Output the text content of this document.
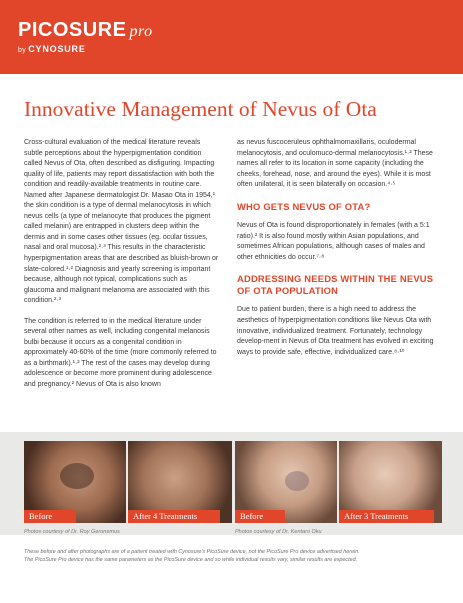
PICOSURE pro
by CYNOSURE
Innovative Management of Nevus of Ota

Cross-cultural evaluation of the medical literature reveals subtle perceptions about the hyperpigmentation condition called Nevus of Ota, often described as disfiguring. Impacting quality of life, patients may report dissatisfaction with both the condition and readily-available treatments in routine care. Named after Japanese dermatologist Dr. Masao Ota in 1954,¹ the skin condition is a type of dermal melanocytosis in which nevus cells (a type of melanocyte that produces the pigment called melanin) are entrapped in clusters deep within the dermis and in some cases other tissues (eg. ocular tissues, nasal and oral mucosa).²·³ This results in the characteristic hyperpigmentation areas that are described as bluish-brown or slate-colored.¹·² Diagnosis and yearly screening is important because, although not typical, complications such as glaucoma and malignant melanoma are associated with this condition.²·³

The condition is referred to in the medical literature under several other names as well, including congenital melanosis bulbi because it occurs as a congenital condition in approximately 40-60% of the time (more commonly referred to as a birthmark).¹·² The rest of the cases may develop during adolescence or become more prominent during adolescence and pregnancy.² Nevus of Ota is also known

as nevus fuscoceruleus ophthalmomaxillaris, oculodermal melanocytosis, and oculomuco-dermal melanocytosis.¹·² These names all refer to its location in some capacity (including the cheeks, forehead, nose, and around the eyes). While it is most often unilateral, it is seen bilaterally on occasion.⁴·⁵

WHO GETS NEVUS OF OTA?

Nevus of Ota is found disproportionately in females (with a 5:1 ratio).² It is also found mostly within Asian populations, and sometimes African populations, although cases of males and other ethnicities do occur.⁷·⁸

ADDRESSING NEEDS WITHIN THE NEVUS OF OTA POPULATION

Due to patient burden, there is a high need to address the aesthetics of hyperpigmentation conditions like Nevus Ota with innovative, individualized treatment. Fortunately, technology develop-ment in Nevus of Ota treatment has evolved in exciting ways to provide safe, effective, individualized care.⁸·¹⁰

Before	After 4 Treatments	Before	After 3 Treatments
Photos courtesy of Dr. Roy Geronemus	Photos courtesy of Dr. Kentaro Oku

These before and after photographs are of a patient treated with Cynosure's PicoSure device, not the PicoSure Pro device advertised herein.

The PicoSure Pro device has the same parameters as the PicoSure device and so while individual results vary, similar results are expected.
